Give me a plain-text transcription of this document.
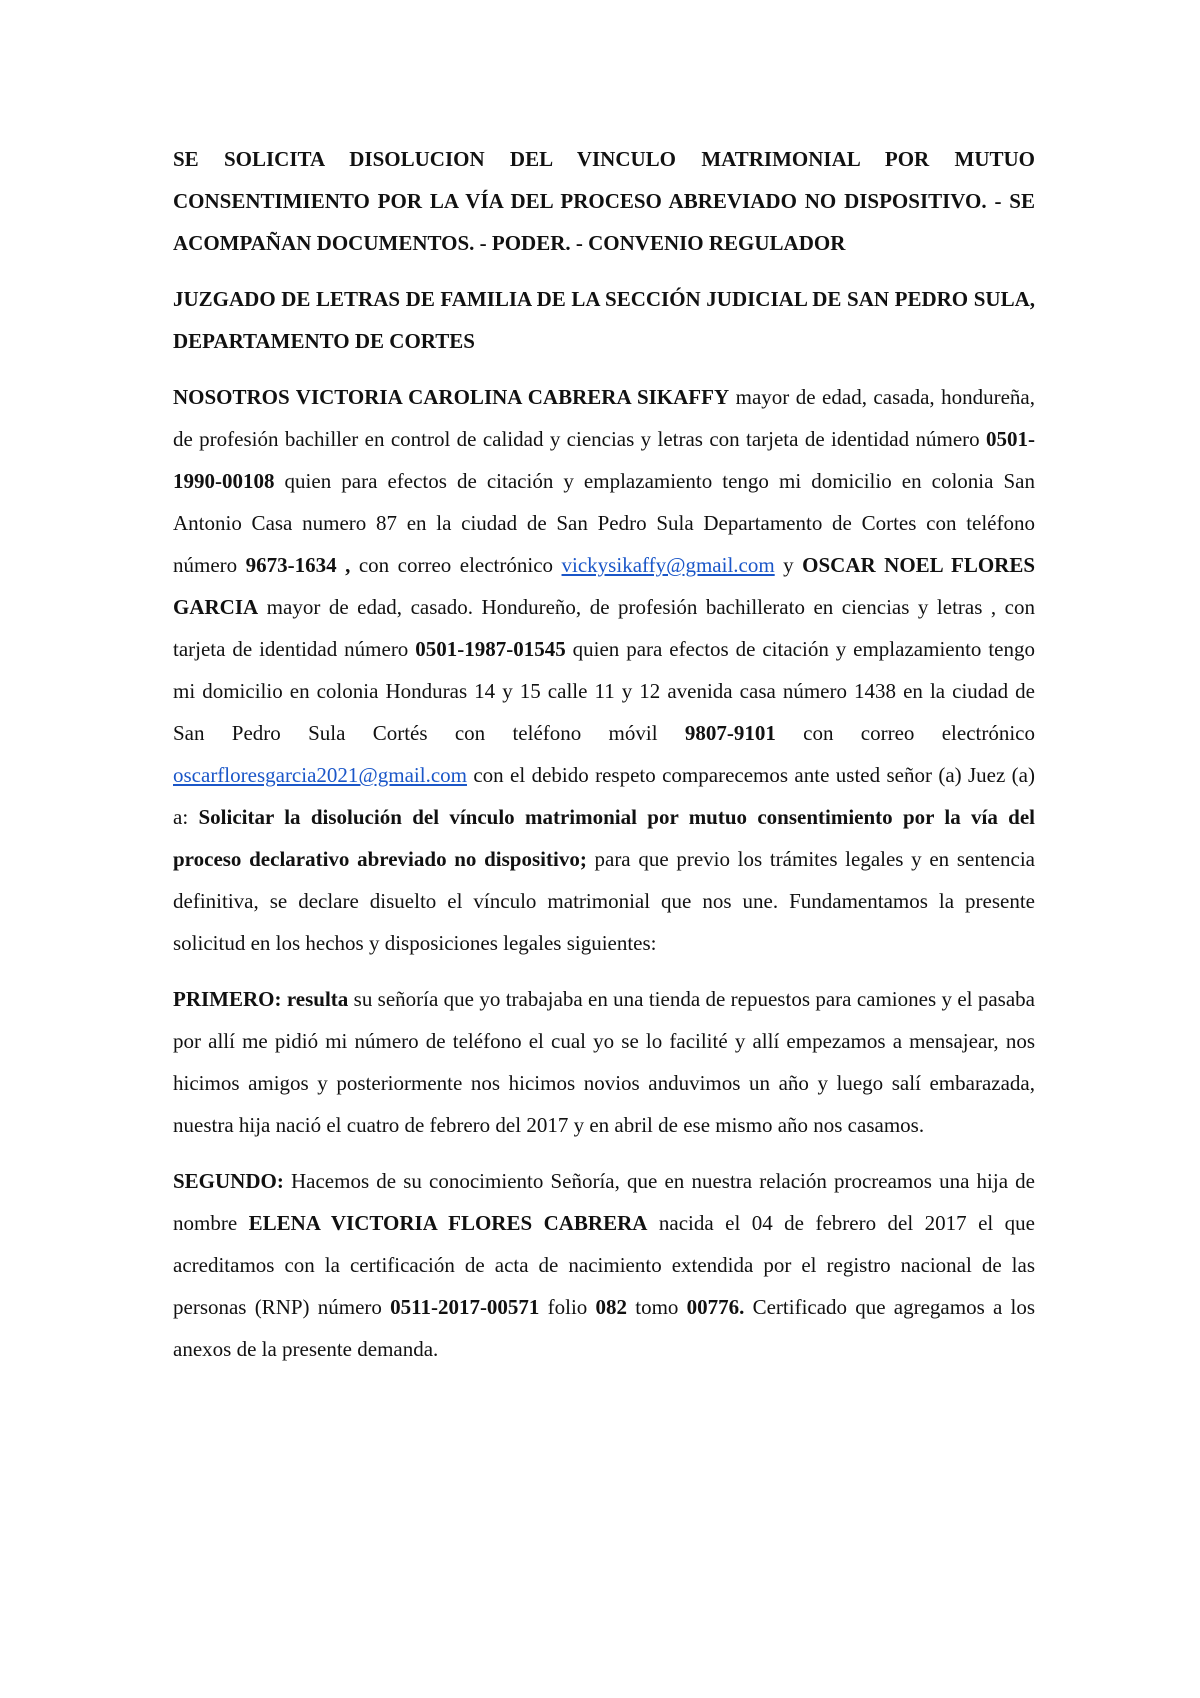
SE SOLICITA DISOLUCION DEL VINCULO MATRIMONIAL POR MUTUO CONSENTIMIENTO POR LA VÍA DEL PROCESO ABREVIADO NO DISPOSITIVO. - SE ACOMPAÑAN DOCUMENTOS. - PODER. - CONVENIO REGULADOR

JUZGADO DE LETRAS DE FAMILIA DE LA SECCIÓN JUDICIAL DE SAN PEDRO SULA, DEPARTAMENTO DE CORTES

NOSOTROS VICTORIA CAROLINA CABRERA SIKAFFY mayor de edad, casada, hondureña, de profesión bachiller en control de calidad y ciencias y letras con tarjeta de identidad número 0501-1990-00108 quien para efectos de citación y emplazamiento tengo mi domicilio en colonia San Antonio Casa numero 87 en la ciudad de San Pedro Sula Departamento de Cortes con teléfono número 9673-1634 , con correo electrónico vickysikaffy@gmail.com y OSCAR NOEL FLORES GARCIA mayor de edad, casado. Hondureño, de profesión bachillerato en ciencias y letras , con tarjeta de identidad número 0501-1987-01545 quien para efectos de citación y emplazamiento tengo mi domicilio en colonia Honduras 14 y 15 calle 11 y 12 avenida casa número 1438 en la ciudad de San Pedro Sula Cortés con teléfono móvil 9807-9101 con correo electrónico oscarfloresgarcia2021@gmail.com con el debido respeto comparecemos ante usted señor (a) Juez (a) a: Solicitar la disolución del vínculo matrimonial por mutuo consentimiento por la vía del proceso declarativo abreviado no dispositivo; para que previo los trámites legales y en sentencia definitiva, se declare disuelto el vínculo matrimonial que nos une. Fundamentamos la presente solicitud en los hechos y disposiciones legales siguientes:

PRIMERO: resulta su señoría que yo trabajaba en una tienda de repuestos para camiones y el pasaba por allí me pidió mi número de teléfono el cual yo se lo facilité y allí empezamos a mensajear, nos hicimos amigos y posteriormente nos hicimos novios anduvimos un año y luego salí embarazada, nuestra hija nació el cuatro de febrero del 2017 y en abril de ese mismo año nos casamos.

SEGUNDO: Hacemos de su conocimiento Señoría, que en nuestra relación procreamos una hija de nombre ELENA VICTORIA FLORES CABRERA nacida el 04 de febrero del 2017 el que acreditamos con la certificación de acta de nacimiento extendida por el registro nacional de las personas (RNP) número 0511-2017-00571 folio 082 tomo 00776. Certificado que agregamos a los anexos de la presente demanda.
